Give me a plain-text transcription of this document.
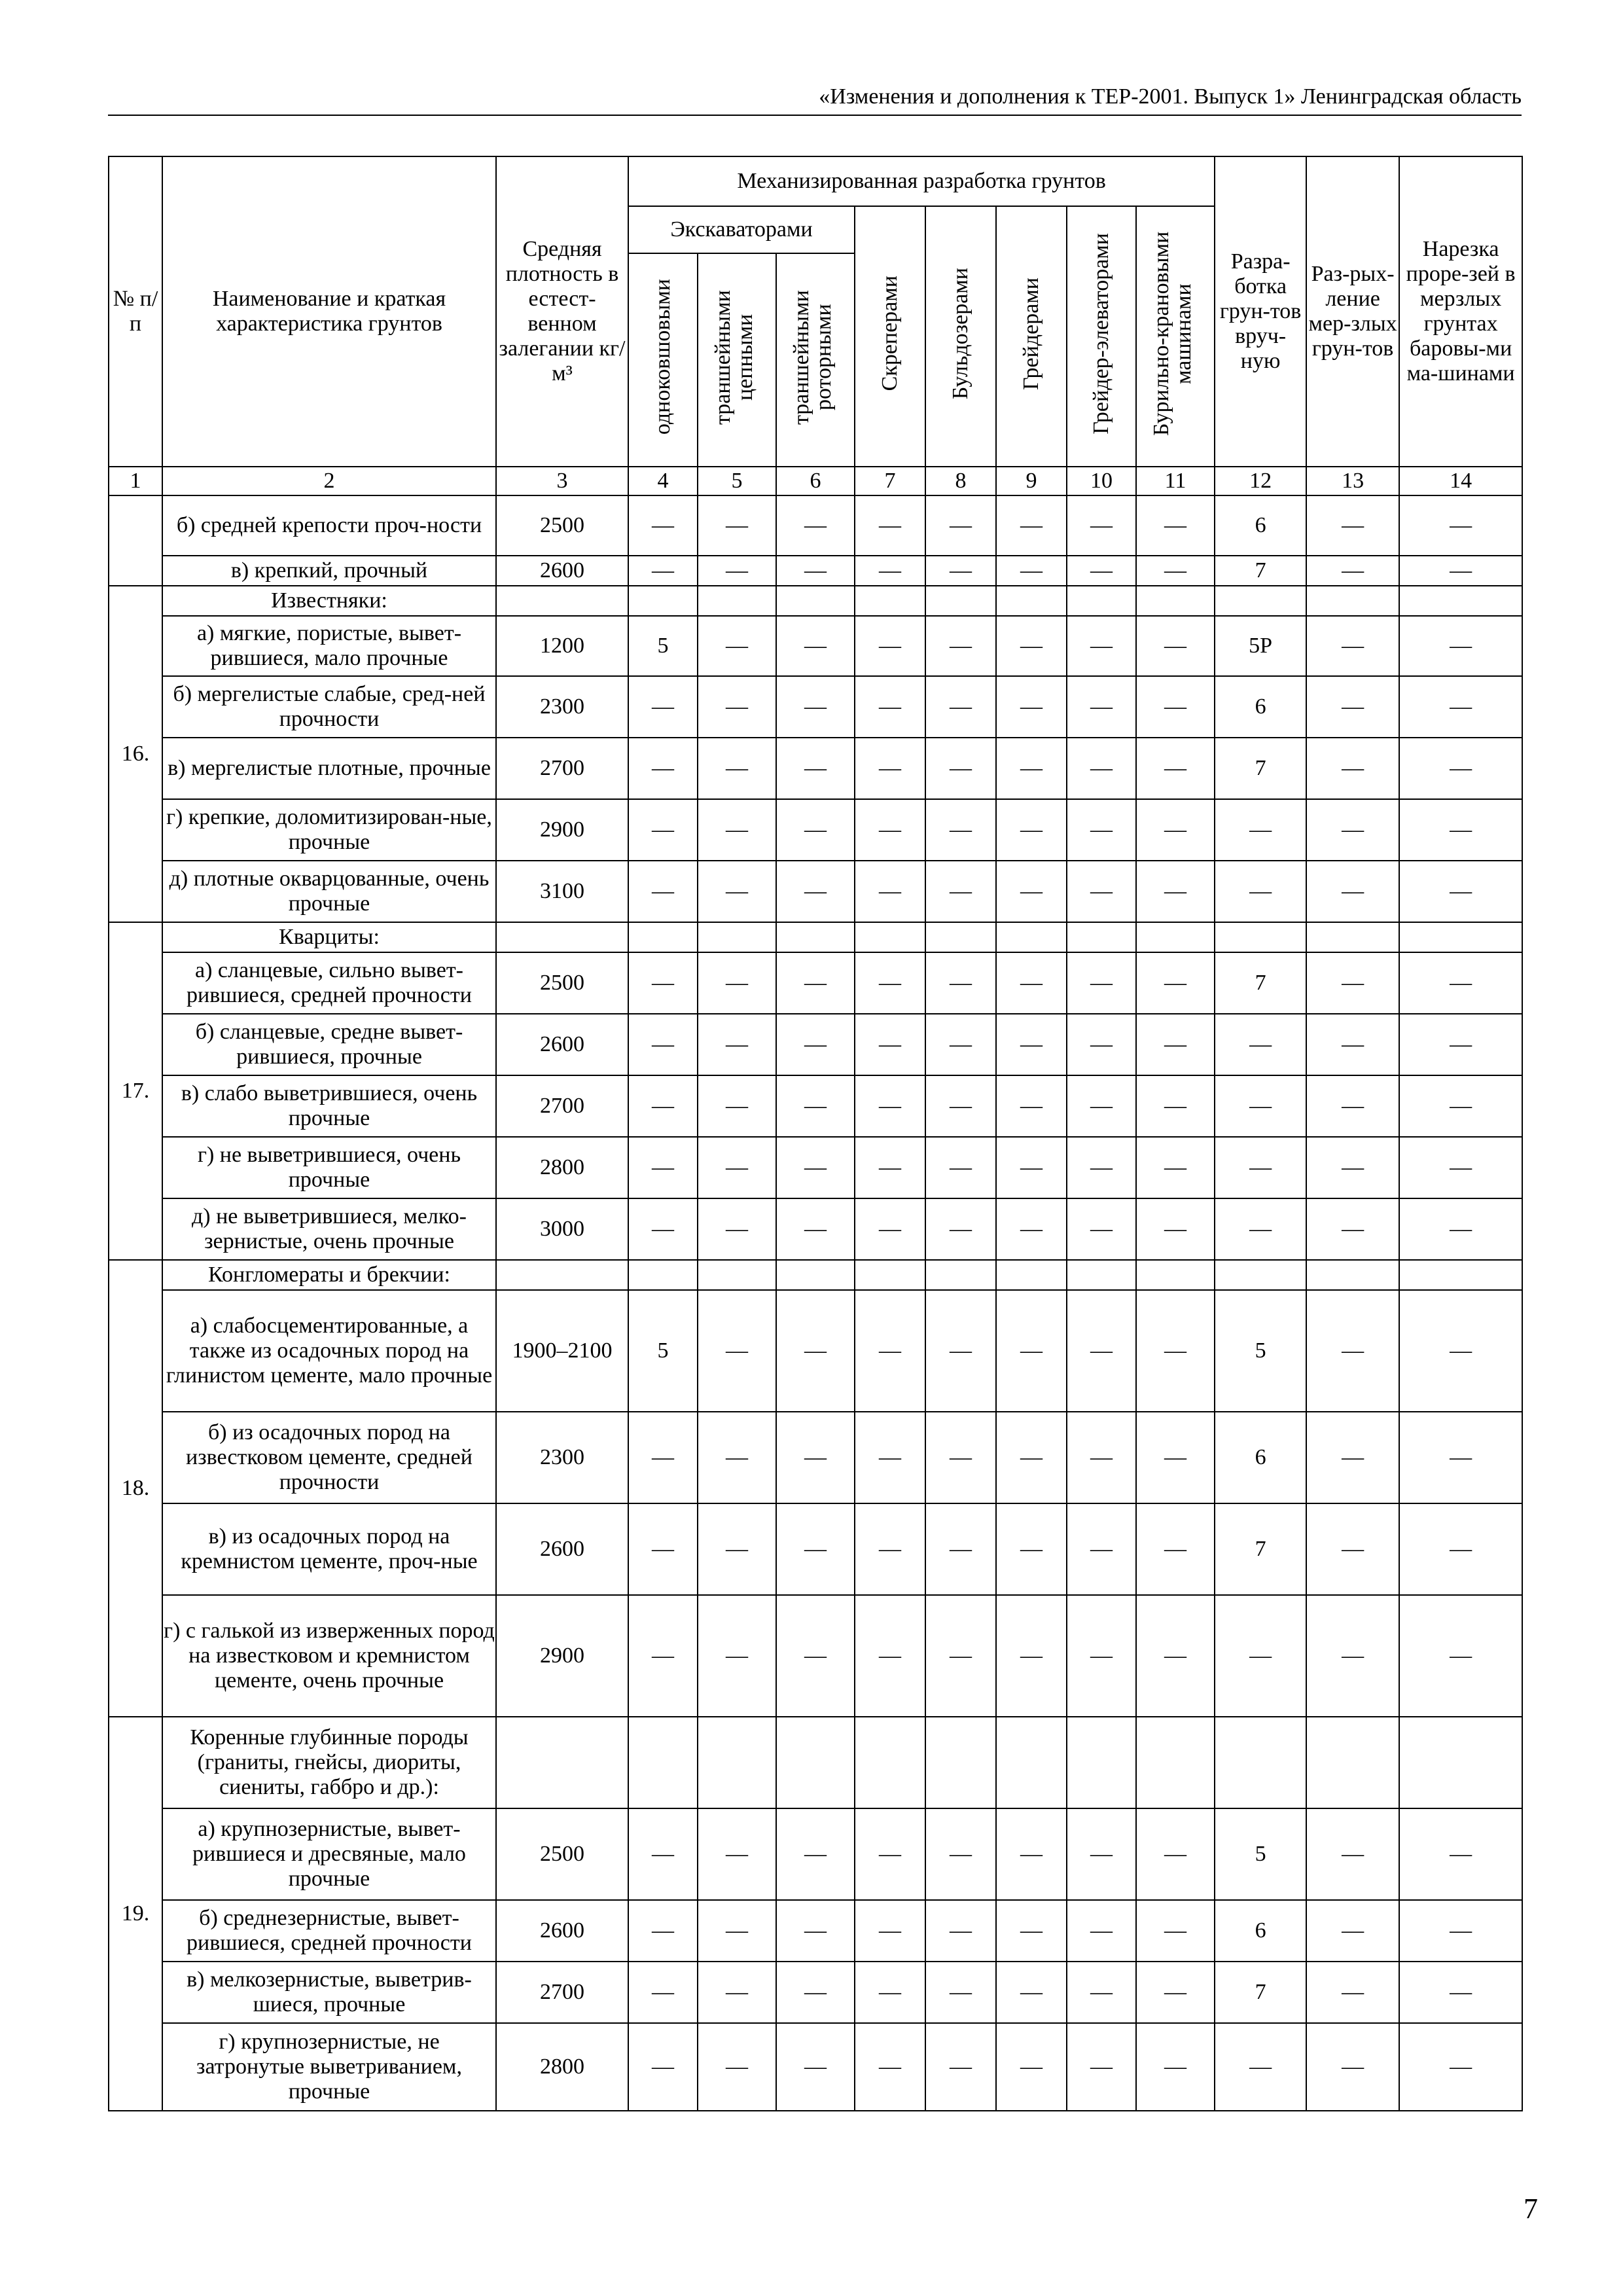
«Изменения и дополнения к ТЕР-2001. Выпуск 1» Ленинградская область
№ п/п	Наименование и краткая характеристика грунтов	Средняя плотность в естест-венном залегании кг/м³	Механизированная разработка грунтов								Разра-ботка грун-тов вруч-ную	Раз-рых-ление мер-злых грун-тов	Нарезка проре-зей в мерзлых грунтах баровы-ми ма-шинами
			Экскаваторами			Скреперами	Бульдозерами	Грейдерами	Грейдер-элеваторами	Бурильно-крановыми машинами			
			одноковшовыми	траншейными цепными	траншейными роторными								
1	2	3	4	5	6	7	8	9	10	11	12	13	14
	б) средней крепости проч-ности	2500	—	—	—	—	—	—	—	—	6	—	—
	в) крепкий, прочный	2600	—	—	—	—	—	—	—	—	7	—	—
16.	Известняки:												
	а) мягкие, пористые, вывет-рившиеся, мало прочные	1200	5	—	—	—	—	—	—	—	5Р	—	—
	б) мергелистые слабые, сред-ней прочности	2300	—	—	—	—	—	—	—	—	6	—	—
	в) мергелистые плотные, прочные	2700	—	—	—	—	—	—	—	—	7	—	—
	г) крепкие, доломитизирован-ные, прочные	2900	—	—	—	—	—	—	—	—	—	—	—
	д) плотные окварцованные, очень прочные	3100	—	—	—	—	—	—	—	—	—	—	—
17.	Кварциты:												
	а) сланцевые, сильно вывет-рившиеся, средней прочности	2500	—	—	—	—	—	—	—	—	7	—	—
	б) сланцевые, средне вывет-рившиеся, прочные	2600	—	—	—	—	—	—	—	—	—	—	—
	в) слабо выветрившиеся, очень прочные	2700	—	—	—	—	—	—	—	—	—	—	—
	г) не выветрившиеся, очень прочные	2800	—	—	—	—	—	—	—	—	—	—	—
	д) не выветрившиеся, мелко-зернистые, очень прочные	3000	—	—	—	—	—	—	—	—	—	—	—
18.	Конгломераты и брекчии:												
	а) слабосцементированные, а также из осадочных пород на глинистом цементе, мало прочные	1900–2100	5	—	—	—	—	—	—	—	5	—	—
	б) из осадочных пород на известковом цементе, средней прочности	2300	—	—	—	—	—	—	—	—	6	—	—
	в) из осадочных пород на кремнистом цементе, проч-ные	2600	—	—	—	—	—	—	—	—	7	—	—
	г) с галькой из изверженных пород на известковом и кремнистом цементе, очень прочные	2900	—	—	—	—	—	—	—	—	—	—	—
19.	Коренные глубинные породы (граниты, гнейсы, диориты, сиениты, габбро и др.):												
	а) крупнозернистые, вывет-рившиеся и дресвяные, мало прочные	2500	—	—	—	—	—	—	—	—	5	—	—
	б) среднезернистые, вывет-рившиеся, средней прочности	2600	—	—	—	—	—	—	—	—	6	—	—
	в) мелкозернистые, выветрив-шиеся, прочные	2700	—	—	—	—	—	—	—	—	7	—	—
	г) крупнозернистые, не затронутые выветриванием, прочные	2800	—	—	—	—	—	—	—	—	—	—	—
7
